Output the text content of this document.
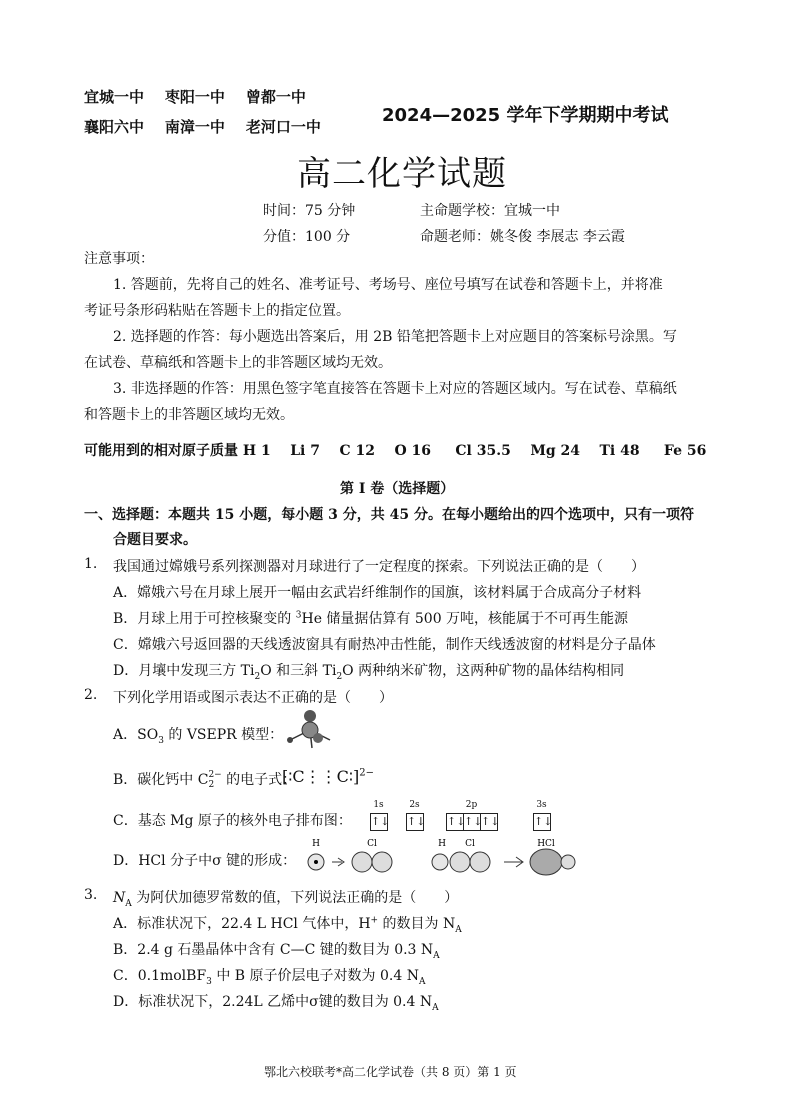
宜城一中 枣阳一中 曾都一中
襄阳六中 南漳一中 老河口一中
2024—2025 学年下学期期中考试
高二化学试题
时间：75 分钟	主命题学校：宜城一中
分值：100 分	命题老师：姚冬俊 李展志 李云霞
注意事项：
1. 答题前，先将自己的姓名、准考证号、考场号、座位号填写在试卷和答题卡上，并将准
考证号条形码粘贴在答题卡上的指定位置。
2. 选择题的作答：每小题选出答案后，用 2B 铅笔把答题卡上对应题目的答案标号涂黑。写
在试卷、草稿纸和答题卡上的非答题区域均无效。
3. 非选择题的作答：用黑色签字笔直接答在答题卡上对应的答题区域内。写在试卷、草稿纸
和答题卡上的非答题区域均无效。
可能用到的相对原子质量 H 1    Li 7    C 12    O 16     Cl 35.5    Mg 24    Ti 48     Fe 56
第 I 卷（选择题）
一、选择题：本题共 15 小题，每小题 3 分，共 45 分。在每小题给出的四个选项中，只有一项符
合题目要求。
1. 我国通过嫦娥号系列探测器对月球进行了一定程度的探索。下列说法正确的是（　　）
A．嫦娥六号在月球上展开一幅由玄武岩纤维制作的国旗，该材料属于合成高分子材料
B．月球上用于可控核聚变的 $^3$He 储量据估算有 500 万吨，核能属于不可再生能源
C．嫦娥六号返回器的天线透波窗具有耐热冲击性能，制作天线透波窗的材料是分子晶体
D．月壤中发现三方 $Ti_2O$ 和三斜 $Ti_2O$ 两种纳米矿物，这两种矿物的晶体结构相同
2. 下列化学用语或图示表达不正确的是（　　）
A．$SO_3$ 的 VSEPR 模型：
B．碳化钙中 C2−
2 的电子式：
[∶C⋮⋮C∶]$^{2-}$
C．基态 Mg 原子的核外电子排布图：
1s
↑↓
2s
↑↓
2p
↑↓↑↓↑↓
3s
↑↓
D．HCl 分子中σ 键的形成：
H	Cl	H Cl	HCl
3. $N_A$ 为阿伏加德罗常数的值，下列说法正确的是（　　）
A．标准状况下，22.4 L HCl 气体中，H+ 的数目为 $N_A$
B．2.4 g 石墨晶体中含有 C—C 键的数目为 0.3 $N_A$
C．0.1molBF$_3$ 中 B 原子价层电子对数为 0.4 $N_A$
D．标准状况下，2.24L 乙烯中σ键的数目为 0.4 $N_A$
鄂北六校联考*高二化学试卷（共 8 页）第 1 页
